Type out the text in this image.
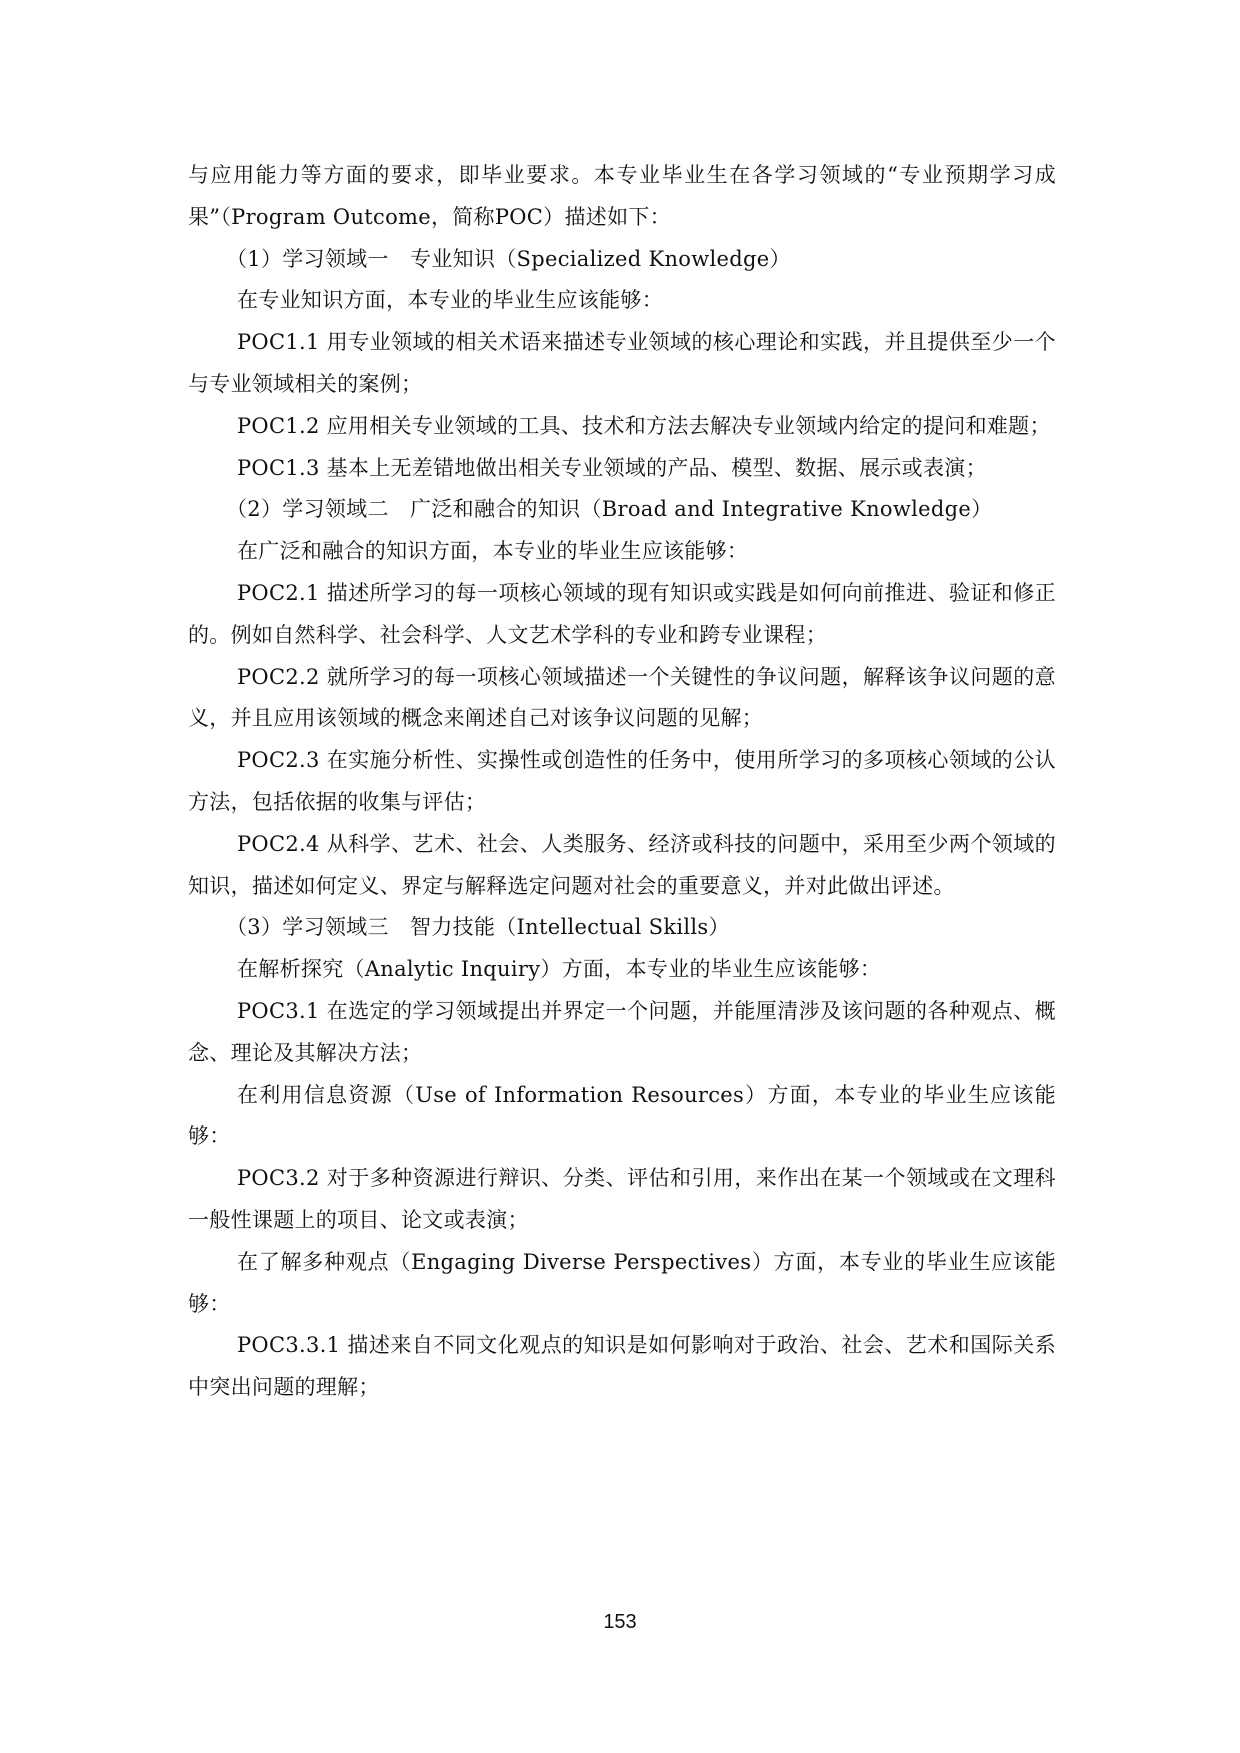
与应用能力等方面的要求，即毕业要求。本专业毕业生在各学习领域的“专业预期学习成果”（Program Outcome，简称POC）描述如下：

（1）学习领域一　专业知识（Specialized Knowledge）

在专业知识方面，本专业的毕业生应该能够：

POC1.1 用专业领域的相关术语来描述专业领域的核心理论和实践，并且提供至少一个与专业领域相关的案例；

POC1.2 应用相关专业领域的工具、技术和方法去解决专业领域内给定的提问和难题；

POC1.3 基本上无差错地做出相关专业领域的产品、模型、数据、展示或表演；

（2）学习领域二　广泛和融合的知识（Broad and Integrative Knowledge）

在广泛和融合的知识方面，本专业的毕业生应该能够：

POC2.1 描述所学习的每一项核心领域的现有知识或实践是如何向前推进、验证和修正的。例如自然科学、社会科学、人文艺术学科的专业和跨专业课程；

POC2.2 就所学习的每一项核心领域描述一个关键性的争议问题，解释该争议问题的意义，并且应用该领域的概念来阐述自己对该争议问题的见解；

POC2.3 在实施分析性、实操性或创造性的任务中，使用所学习的多项核心领域的公认方法，包括依据的收集与评估；

POC2.4 从科学、艺术、社会、人类服务、经济或科技的问题中，采用至少两个领域的知识，描述如何定义、界定与解释选定问题对社会的重要意义，并对此做出评述。

（3）学习领域三　智力技能（Intellectual Skills）

在解析探究（Analytic Inquiry）方面，本专业的毕业生应该能够：

POC3.1 在选定的学习领域提出并界定一个问题，并能厘清涉及该问题的各种观点、概念、理论及其解决方法；

在利用信息资源（Use of Information Resources）方面，本专业的毕业生应该能够：

POC3.2 对于多种资源进行辩识、分类、评估和引用，来作出在某一个领域或在文理科一般性课题上的项目、论文或表演；

在了解多种观点（Engaging Diverse Perspectives）方面，本专业的毕业生应该能够：

POC3.3.1 描述来自不同文化观点的知识是如何影响对于政治、社会、艺术和国际关系中突出问题的理解；

153
